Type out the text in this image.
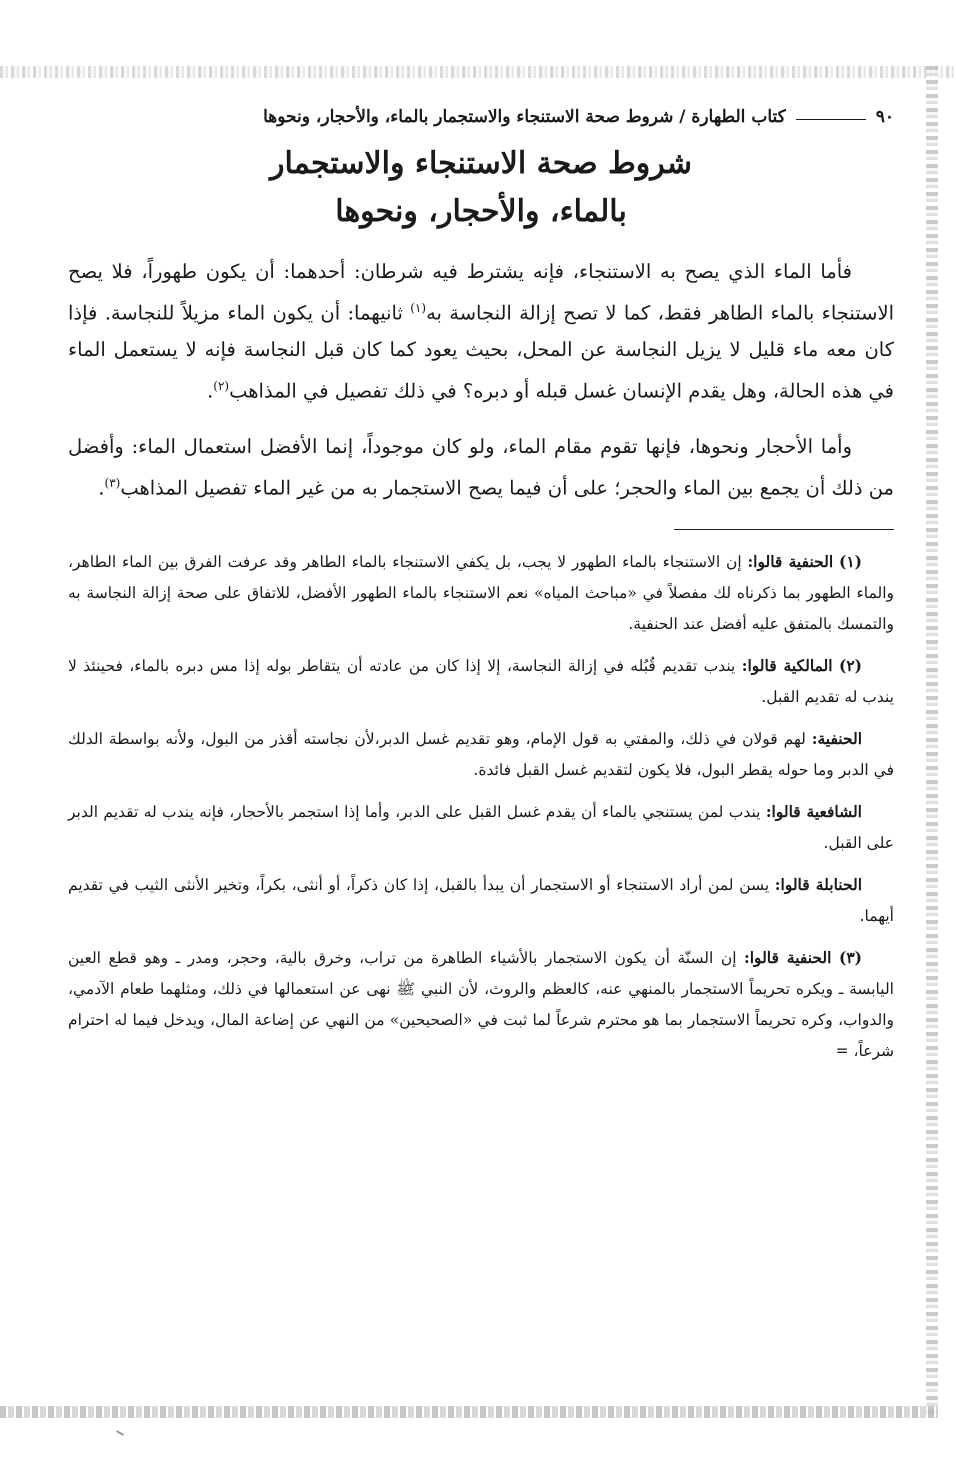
٩٠
كتاب الطهارة / شروط صحة الاستنجاء والاستجمار بالماء، والأحجار، ونحوها
شروط صحة الاستنجاء والاستجمار
بالماء، والأحجار، ونحوها

فأما الماء الذي يصح به الاستنجاء، فإنه يشترط فيه شرطان: أحدهما: أن يكون طهوراً، فلا يصح الاستنجاء بالماء الطاهر فقط، كما لا تصح إزالة النجاسة به$^{(١)}$ ثانيهما: أن يكون الماء مزيلاً للنجاسة. فإذا كان معه ماء قليل لا يزيل النجاسة عن المحل، بحيث يعود كما كان قبل النجاسة فإنه لا يستعمل الماء في هذه الحالة، وهل يقدم الإنسان غسل قبله أو دبره؟ في ذلك تفصيل في المذاهب$^{(٢)}$.

وأما الأحجار ونحوها، فإنها تقوم مقام الماء، ولو كان موجوداً، إنما الأفضل استعمال الماء: وأفضل من ذلك أن يجمع بين الماء والحجر؛ على أن فيما يصح الاستجمار به من غير الماء تفصيل المذاهب$^{(٣)}$.

(١) الحنفية قالوا: إن الاستنجاء بالماء الطهور لا يجب، بل يكفي الاستنجاء بالماء الطاهر وقد عرفت الفرق بين الماء الطاهر، والماء الطهور بما ذكرناه لك مفصلاً في «مباحث المياه» نعم الاستنجاء بالماء الطهور الأفضل، للاتفاق على صحة إزالة النجاسة به والتمسك بالمتفق عليه أفضل عند الحنفية.

(٢) المالكية قالوا: يندب تقديم قُبُله في إزالة النجاسة، إلا إذا كان من عادته أن يتقاطر بوله إذا مس دبره بالماء، فحينئذ لا يندب له تقديم القبل.

الحنفية: لهم قولان في ذلك، والمفتي به قول الإمام، وهو تقديم غسل الدبر،لأن نجاسته أقذر من البول، ولأنه بواسطة الدلك في الدبر وما حوله يقطر البول، فلا يكون لتقديم غسل القبل فائدة.

الشافعية قالوا: يندب لمن يستنجي بالماء أن يقدم غسل القبل على الدبر، وأما إذا استجمر بالأحجار، فإنه يندب له تقديم الدبر على القبل.

الحنابلة قالوا: يسن لمن أراد الاستنجاء أو الاستجمار أن يبدأ بالقبل، إذا كان ذكراً، أو أنثى، بكراً، وتخير الأنثى الثيب في تقديم أيهما.

(٣) الحنفية قالوا: إن السنّة أن يكون الاستجمار بالأشياء الطاهرة من تراب، وخرق بالية، وحجر، ومدر ـ وهو قطع العين اليابسة ـ ويكره تحريماً الاستجمار بالمنهي عنه، كالعظم والروث، لأن النبي ﷺ نهى عن استعمالها في ذلك، ومثلهما طعام الآدمي، والدواب، وكره تحريماً الاستجمار بما هو محترم شرعاً لما ثبت في «الصحيحين» من النهي عن إضاعة المال، ويدخل فيما له احترام شرعاً، =
